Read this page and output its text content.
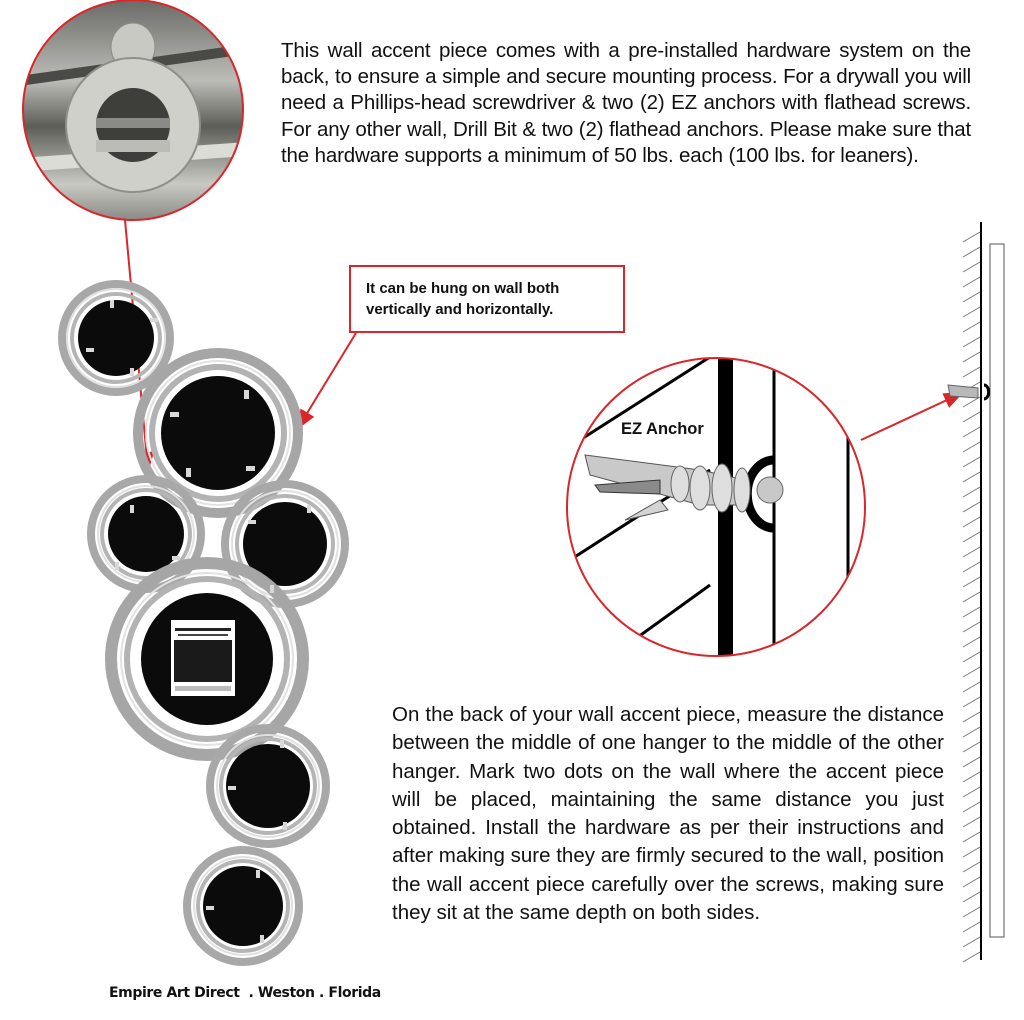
This wall accent piece comes with a pre-installed hardware system on the back, to ensure a simple and secure mounting process. For a drywall you will need a Phillips-head screwdriver & two (2) EZ anchors with flathead screws. For any other wall, Drill Bit & two (2) flathead anchors. Please make sure that the hardware supports a minimum of 50 lbs. each (100 lbs. for leaners).
It can be hung on wall both vertically and horizontally.
EZ Anchor
On the back of your wall accent piece, measure the distance between the middle of one hanger to the middle of the other hanger. Mark two dots on the wall where the accent piece will be placed, maintaining the same distance you just obtained. Install the hardware as per their instructions and after making sure they are firmly secured to the wall, position the wall accent piece carefully over the screws, making sure they sit at the same depth on both sides.
Empire Art Direct  . Weston . Florida
